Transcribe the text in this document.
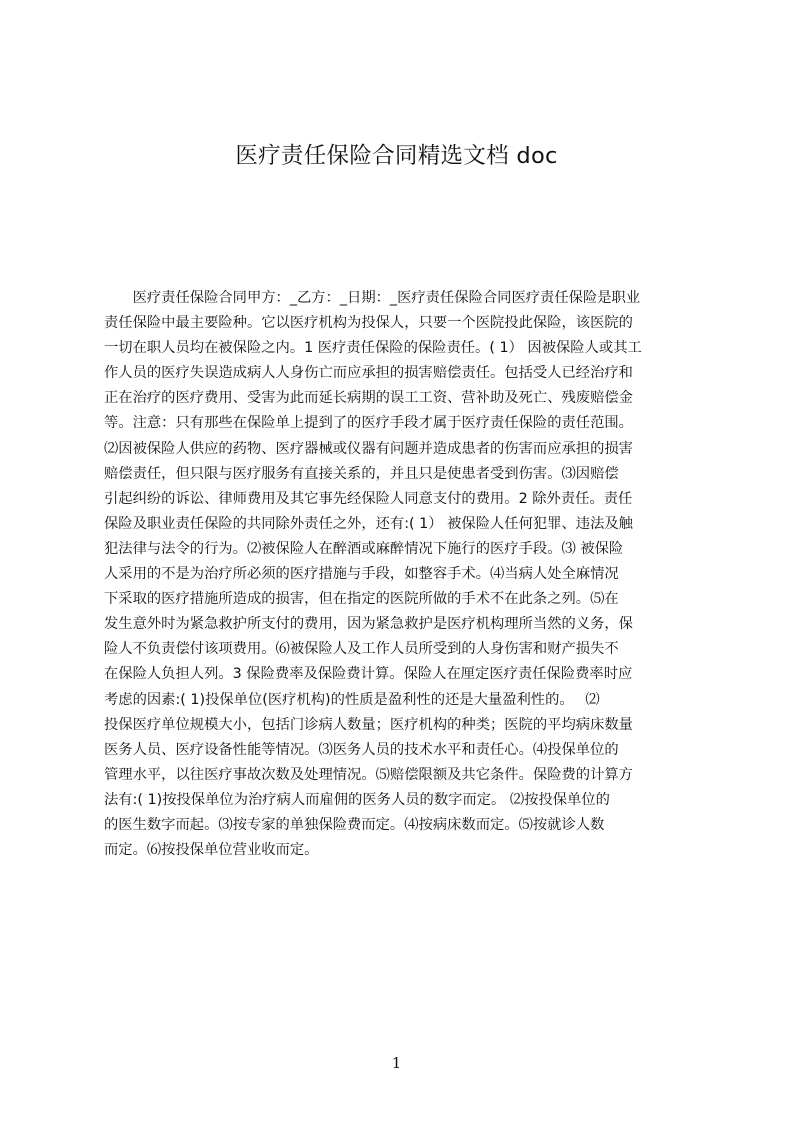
医疗责任保险合同精选文档 doc
　　医疗责任保险合同甲方：_乙方：_日期：_医疗责任保险合同医疗责任保险是职业
责任保险中最主要险种。它以医疗机构为投保人，只要一个医院投此保险，该医院的
一切在职人员均在被保险之内。1 医疗责任保险的保险责任。( 1） 因被保险人或其工
作人员的医疗失误造成病人人身伤亡而应承担的损害赔偿责任。包括受人已经治疗和
正在治疗的医疗费用、受害为此而延长病期的误工工资、营补助及死亡、残废赔偿金
等。注意：只有那些在保险单上提到了的医疗手段才属于医疗责任保险的责任范围。
⑵因被保险人供应的药物、医疗器械或仪器有问题并造成患者的伤害而应承担的损害
赔偿责任，但只限与医疗服务有直接关系的，并且只是使患者受到伤害。⑶因赔偿
引起纠纷的诉讼、律师费用及其它事先经保险人同意支付的费用。2 除外责任。责任
保险及职业责任保险的共同除外责任之外，还有:( 1） 被保险人任何犯罪、违法及触
犯法律与法令的行为。⑵被保险人在醉酒或麻醉情况下施行的医疗手段。⑶ 被保险
人采用的不是为治疗所必须的医疗措施与手段，如整容手术。⑷当病人处全麻情况
下采取的医疗措施所造成的损害，但在指定的医院所做的手术不在此条之列。⑸在
发生意外时为紧急救护所支付的费用，因为紧急救护是医疗机构理所当然的义务，保
险人不负责偿付该项费用。⑹被保险人及工作人员所受到的人身伤害和财产损失不
在保险人负担人列。3 保险费率及保险费计算。保险人在厘定医疗责任保险费率时应
考虑的因素:( 1)投保单位(医疗机构)的性质是盈利性的还是大量盈利性的。　 ⑵
投保医疗单位规模大小，包括门诊病人数量；医疗机构的种类；医院的平均病床数量
医务人员、医疗设备性能等情况。⑶医务人员的技术水平和责任心。⑷投保单位的
管理水平，以往医疗事故次数及处理情况。⑸赔偿限额及共它条件。保险费的计算方
法有:( 1)按投保单位为治疗病人而雇佣的医务人员的数字而定。 ⑵按投保单位的
的医生数字而起。⑶按专家的单独保险费而定。⑷按病床数而定。⑸按就诊人数
而定。⑹按投保单位营业收而定。
1
